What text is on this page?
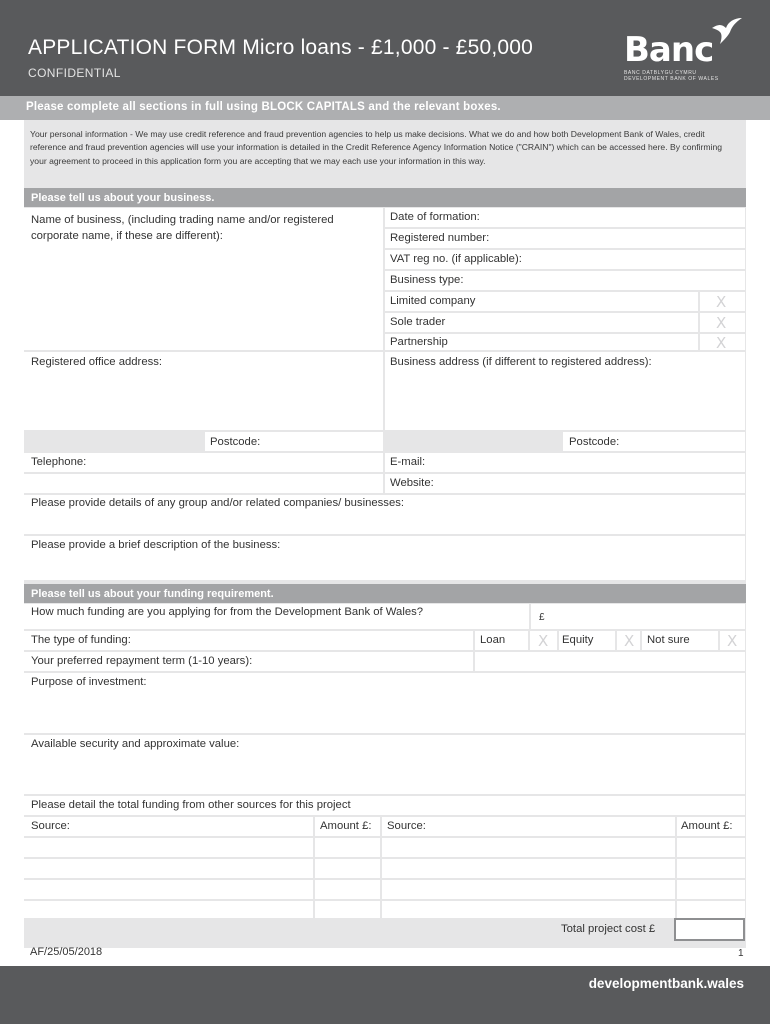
APPLICATION FORM Micro loans - £1,000 - £50,000
CONFIDENTIAL
Banc
BANC DATBLYGU CYMRU
DEVELOPMENT BANK OF WALES
Please complete all sections in full using BLOCK CAPITALS and the relevant boxes.
Your personal information - We may use credit reference and fraud prevention agencies to help us make decisions. What we do and how both Development Bank of Wales, credit reference and fraud prevention agencies will use your information is detailed in the Credit Reference Agency Information Notice ("CRAIN") which can be accessed here. By confirming your agreement to proceed in this application form you are accepting that we may each use your information in this way.
Please tell us about your business.
Name of business, (including trading name and/or registered corporate name, if these are different):
Date of formation:
Registered number:
VAT reg no. (if applicable):
Business type:
Limited company	X
Sole trader	X
Partnership	X
Registered office address:	Business address (if different to registered address):
Postcode:	Postcode:
Telephone:	E-mail:
Website:
Please provide details of any group and/or related companies/ businesses:
Please provide a brief description of the business:
Please tell us about your funding requirement.
How much funding are you applying for from the Development Bank of Wales?	£
The type of funding:	Loan X Equity X Not sure X
Your preferred repayment term (1-10 years):
Purpose of investment:
Available security and approximate value:
Please detail the total funding from other sources for this project
Source:	Amount £: Source:	Amount £:
Total project cost £
AF/25/05/2018	1
developmentbank.wales
